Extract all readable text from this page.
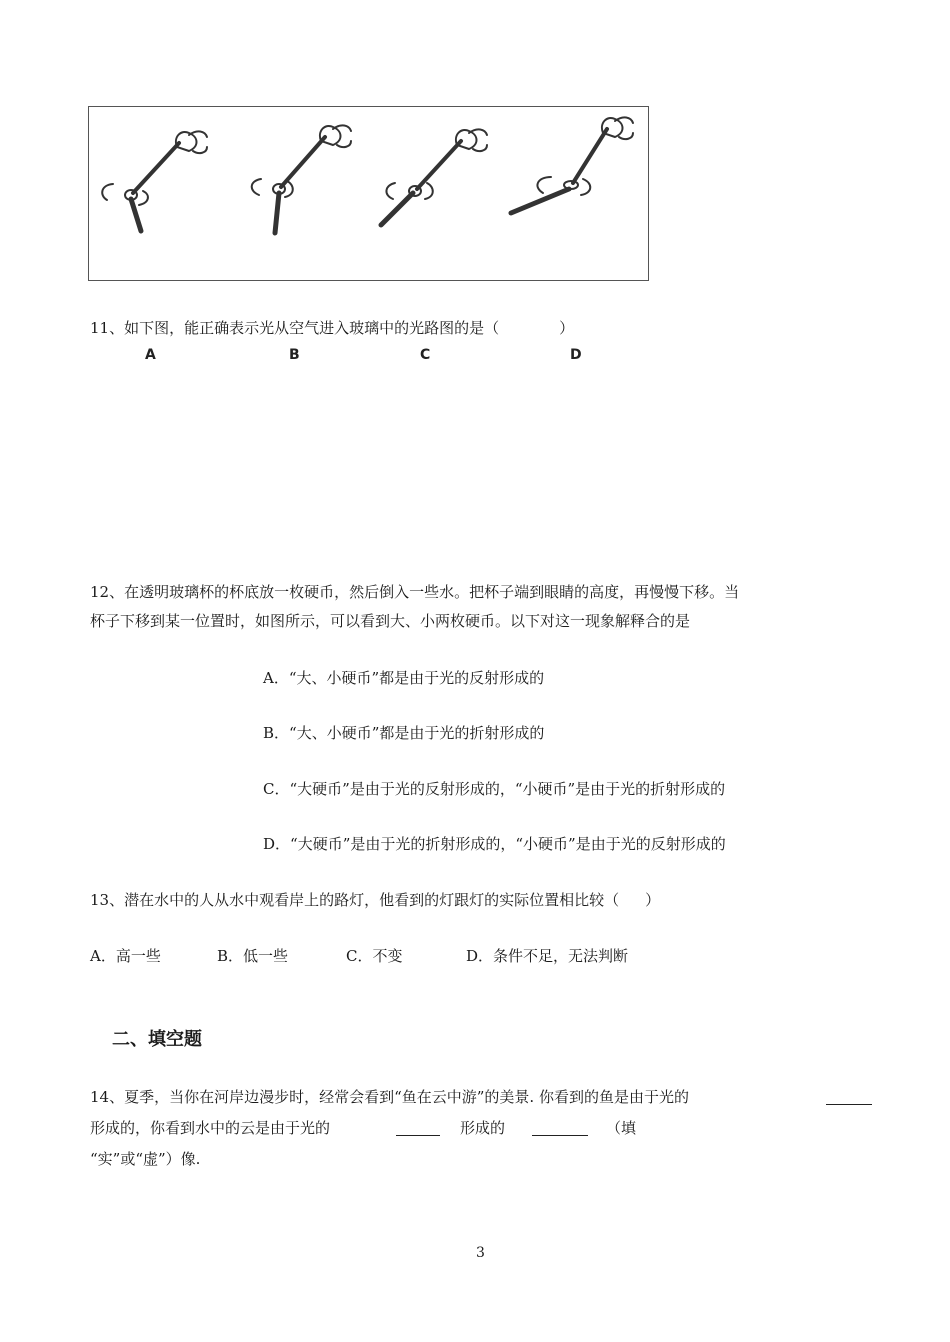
A	B	C	D
11、如下图，能正确表示光从空气进入玻璃中的光路图的是（	）
12、在透明玻璃杯的杯底放一枚硬币，然后倒入一些水。把杯子端到眼睛的高度，再慢慢下移。当
杯子下移到某一位置时，如图所示，可以看到大、小两枚硬币。以下对这一现象解释合的是
A．“大、小硬币”都是由于光的反射形成的
B．“大、小硬币”都是由于光的折射形成的
C．“大硬币”是由于光的反射形成的，“小硬币”是由于光的折射形成的
D．“大硬币”是由于光的折射形成的，“小硬币”是由于光的反射形成的
13、潜在水中的人从水中观看岸上的路灯，他看到的灯跟灯的实际位置相比较（ ）
A．高一些	B．低一些	C．不变	D．条件不足，无法判断
二、填空题
14、夏季，当你在河岸边漫步时，经常会看到“鱼在云中游”的美景. 你看到的鱼是由于光的
形成的，你看到水中的云是由于光的	形成的	（填
“实”或“虚”）像.
3
